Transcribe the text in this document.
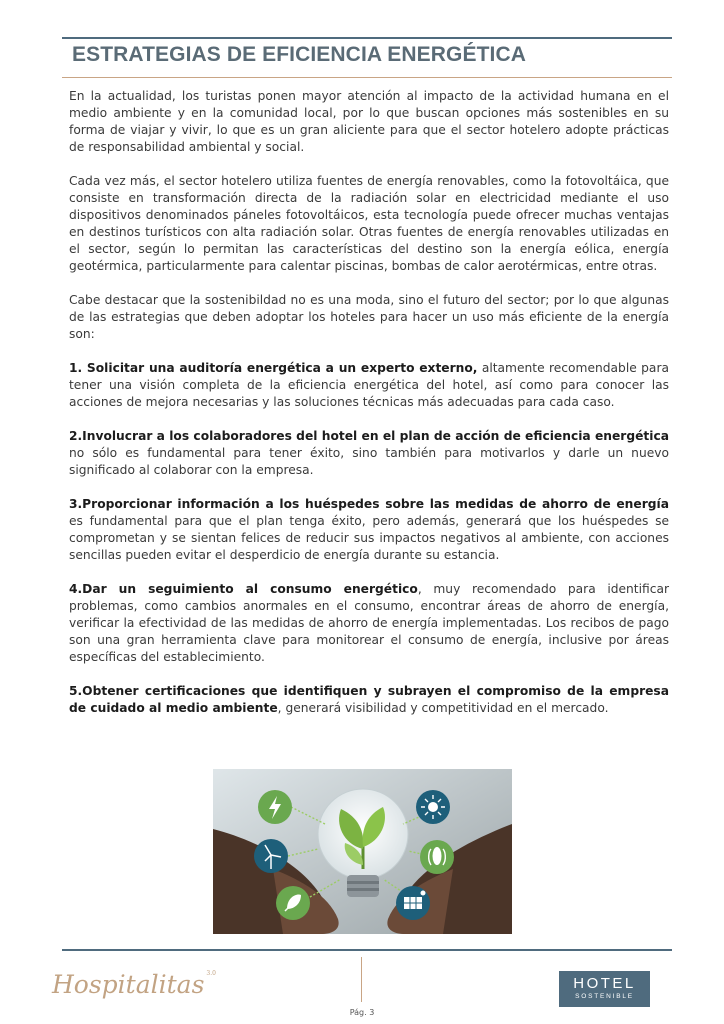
ESTRATEGIAS DE EFICIENCIA ENERGÉTICA

En la actualidad, los turistas ponen mayor atención al impacto de la actividad humana en el medio ambiente y en la comunidad local, por lo que buscan opciones más sostenibles en su forma de viajar y vivir, lo que es un gran aliciente para que el sector hotelero adopte prácticas de responsabilidad ambiental y social.

Cada vez más, el sector hotelero utiliza fuentes de energía renovables, como la fotovoltáica, que consiste en transformación directa de la radiación solar en electricidad mediante el uso dispositivos denominados páneles fotovoltáicos, esta tecnología puede ofrecer muchas ventajas en destinos turísticos con alta radiación solar. Otras fuentes de energía renovables utilizadas en el sector, según lo permitan las características del destino son la energía eólica, energía geotérmica, particularmente para calentar piscinas, bombas de calor aerotérmicas, entre otras.

Cabe destacar que la sostenibildad no es una moda, sino el futuro del sector; por lo que algunas de las estrategias que deben adoptar los hoteles para hacer un uso más eficiente de la energía son:

1. Solicitar una auditoría energética a un experto externo, altamente recomendable para tener una visión completa de la eficiencia energética del hotel, así como para conocer las acciones de mejora necesarias y las soluciones técnicas más adecuadas para cada caso.

2.Involucrar a los colaboradores del hotel en el plan de acción de eficiencia energética no sólo es fundamental para tener éxito, sino también para motivarlos y darle un nuevo significado al colaborar con la empresa.

3.Proporcionar información a los huéspedes sobre las medidas de ahorro de energía es fundamental para que el plan tenga éxito, pero además, generará que los huéspedes se comprometan y se sientan felices de reducir sus impactos negativos al ambiente, con acciones sencillas pueden evitar el desperdicio de energía durante su estancia.

4.Dar un seguimiento al consumo energético, muy recomendado para identificar problemas, como cambios anormales en el consumo, encontrar áreas de ahorro de energía, verificar la efectividad de las medidas de ahorro de energía implementadas. Los recibos de pago son una gran herramienta clave para monitorear el consumo de energía, inclusive por áreas específicas del establecimiento.

5.Obtener certificaciones que identifiquen y subrayen el compromiso de la empresa de cuidado al medio ambiente, generará visibilidad y competitividad en el mercado.

Hospitalitas $^{3.0}$
Pág. 3
HOTEL
SOSTENIBLE
